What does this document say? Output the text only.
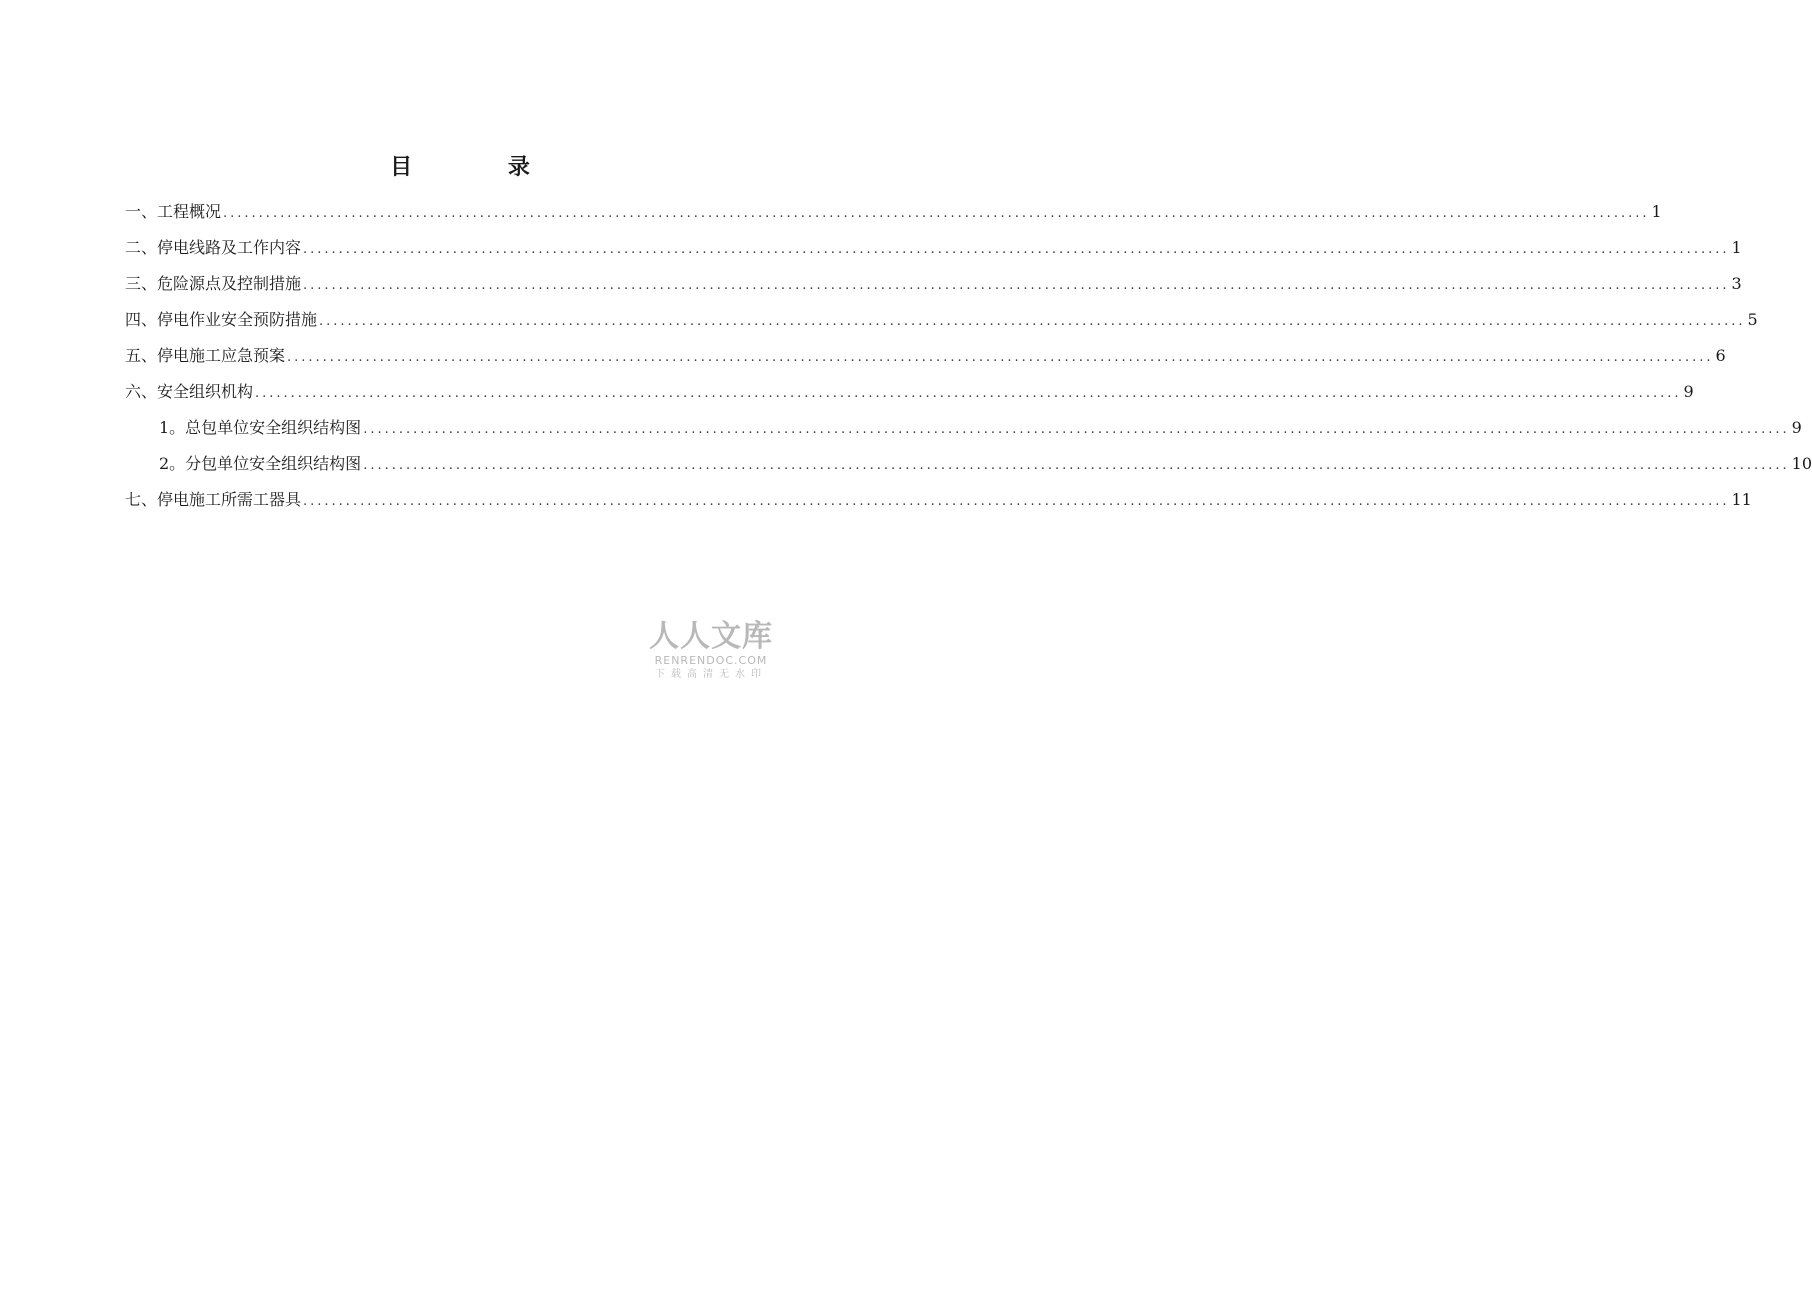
目 录
一、工程概况 ........................................................................................................................................................................................................ 1
二、停电线路及工作内容 ........................................................................................................................................................................................................ 1
三、危险源点及控制措施 ........................................................................................................................................................................................................ 3
四、停电作业安全预防措施 ........................................................................................................................................................................................................ 5
五、停电施工应急预案 ........................................................................................................................................................................................................ 6
六、安全组织机构 ........................................................................................................................................................................................................ 9
1。总包单位安全组织结构图 ........................................................................................................................................................................................................ 9
2。分包单位安全组织结构图 ........................................................................................................................................................................................................ 10
七、停电施工所需工器具 ........................................................................................................................................................................................................ 11
人人文库
RENRENDOC.COM
下载高清无水印
